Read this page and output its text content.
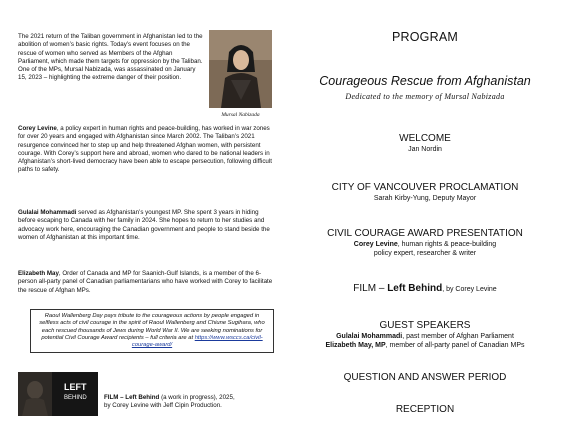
The 2021 return of the Taliban government in Afghanistan led to the abolition of women’s basic rights. Today’s event focuses on the rescue of women who served as Members of the Afghan Parliament, which made them targets for oppression by the Taliban. One of the MPs, Mursal Nabizada, was assassinated on January 15, 2023 – highlighting the extreme danger of their position.

Mursal Nabizada

Corey Levine, a policy expert in human rights and peace-building, has worked in war zones for over 20 years and engaged with Afghanistan since March 2002. The Taliban’s 2021 resurgence convinced her to step up and help threatened Afghan women, with persistent courage. With Corey’s support here and abroad, women who dared to be national leaders in Afghanistan’s short-lived democracy have been able to escape persecution, following difficult paths to safety.

Gulalai Mohammadi served as Afghanistan’s youngest MP. She spent 3 years in hiding before escaping to Canada with her family in 2024. She hopes to return to her studies and advocacy work here, encouraging the Canadian government and people to stand beside the women of Afghanistan at this important time.

Elizabeth May, Order of Canada and MP for Saanich-Gulf Islands, is a member of the 6-person all-party panel of Canadian parliamentarians who have worked with Corey to facilitate the rescue of Afghan MPs.

Raoul Wallenberg Day pays tribute to the courageous actions by people engaged in selfless acts of civil courage in the spirit of Raoul Wallenberg and Chiune Sugihara, who each rescued thousands of Jews during World War II. We are seeking nominations for potential Civil Courage Award recipients – full criteria are at https://www.wsccs.ca/civil-courage-award/
LEFT
BEHIND	FILM – Left Behind (a work in progress), 2025,
by Corey Levine with Jeff Cipin Production.
PROGRAM
Courageous Rescue from Afghanistan
Dedicated to the memory of Mursal Nabizada
WELCOME
Jan Nordin
CITY OF VANCOUVER PROCLAMATION
Sarah Kirby-Yung, Deputy Mayor
CIVIL COURAGE AWARD PRESENTATION
Corey Levine, human rights & peace-building
policy expert, researcher & writer
FILM – Left Behind, by Corey Levine
GUEST SPEAKERS
Gulalai Mohammadi, past member of Afghan Parliament
Elizabeth May, MP, member of all-party panel of Canadian MPs
QUESTION AND ANSWER PERIOD
RECEPTION
